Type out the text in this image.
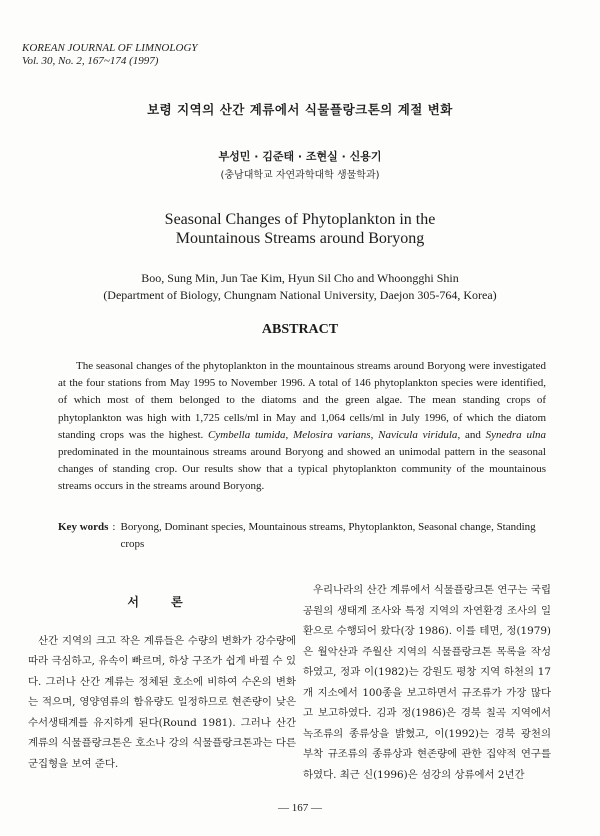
KOREAN JOURNAL OF LIMNOLOGY
Vol. 30, No. 2, 167~174 (1997)
보령 지역의 산간 계류에서 식물플랑크톤의 계절 변화
부성민 · 김준태 · 조현실 · 신용기
(충남대학교 자연과학대학 생물학과)
Seasonal Changes of Phytoplankton in the
Mountainous Streams around Boryong
Boo, Sung Min, Jun Tae Kim, Hyun Sil Cho and Whoongghi Shin
(Department of Biology, Chungnam National University, Daejon 305-764, Korea)
ABSTRACT

The seasonal changes of the phytoplankton in the mountainous streams around Boryong were investigated at the four stations from May 1995 to November 1996. A total of 146 phytoplankton species were identified, of which most of them belonged to the diatoms and the green algae. The mean standing crops of phytoplankton was high with 1,725 cells/ml in May and 1,064 cells/ml in July 1996, of which the diatom standing crops was the highest. Cymbella tumida, Melosira varians, Navicula viridula, and Synedra ulna predominated in the mountainous streams around Boryong and showed an unimodal pattern in the seasonal changes of standing crop. Our results show that a typical phytoplankton community of the mountainous streams occurs in the streams around Boryong.

Key words : Boryong, Dominant species, Mountainous streams, Phytoplankton, Seasonal change, Standing crops
서 론

산간 지역의 크고 작은 계류들은 수량의 변화가 강수량에 따라 극심하고, 유속이 빠르며, 하상 구조가 쉽게 바뀔 수 있다. 그러나 산간 계류는 정체된 호소에 비하여 수온의 변화는 적으며, 영양염류의 함유량도 일정하므로 현존량이 낮은 수서생태계를 유지하게 된다(Round 1981). 그러나 산간 계류의 식물플랑크톤은 호소나 강의 식물플랑크톤과는 다른 군집형을 보여 준다.

우리나라의 산간 계류에서 식물플랑크톤 연구는 국립공원의 생태계 조사와 특정 지역의 자연환경 조사의 일환으로 수행되어 왔다(장 1986). 이를 테면, 정(1979)은 월악산과 주월산 지역의 식물플랑크톤 목록을 작성하였고, 정과 이(1982)는 강원도 평창 지역 하천의 17개 지소에서 100종을 보고하면서 규조류가 가장 많다고 보고하였다. 김과 정(1986)은 경북 칠곡 지역에서 녹조류의 종류상을 밝혔고, 이(1992)는 경북 광천의 부착 규조류의 종류상과 현존량에 관한 집약적 연구를 하였다. 최근 신(1996)은 섬강의 상류에서 2년간

— 167 —
